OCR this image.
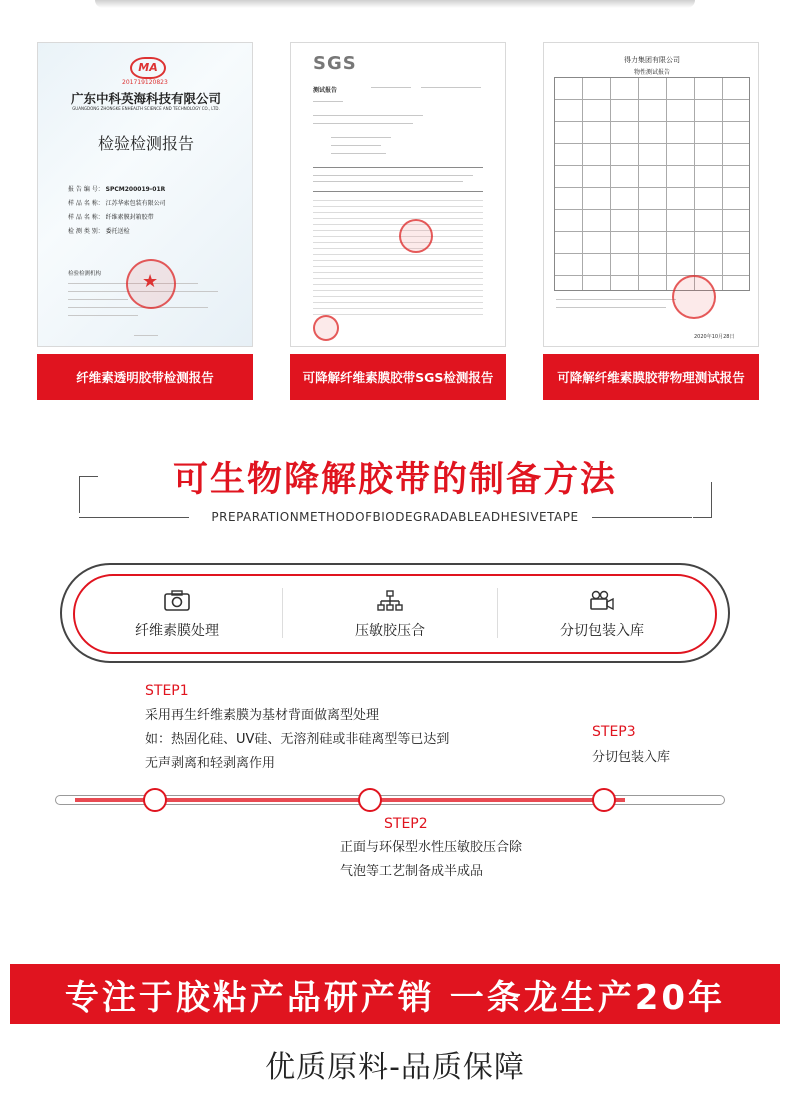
MA
201719120823
广东中科英海科技有限公司
GUANGDONG ZHONGKE ENHEALTH SCIENCE AND TECHNOLOGY CO., LTD.
检验检测报告
报 告 编 号： SPCM200019-01R
样 品 名 称： 江苏华索包装有限公司
样 品 名 称： 纤维素膜封箱胶带
检 测 类 别： 委托送检
检验检测机构 ★
纤维素透明胶带检测报告
SGS
测试报告
可降解纤维素膜胶带SGS检测报告
得力集团有限公司
物性测试报告
2020年10月28日
可降解纤维素膜胶带物理测试报告
可生物降解胶带的制备方法
PREPARATIONMETHODOFBIODEGRADABLEADHESIVETAPE
纤维素膜处理	压敏胶压合	分切包装入库
STEP1
采用再生纤维素膜为基材背面做离型处理
如：热固化硅、UV硅、无溶剂硅或非硅离型等已达到
无声剥离和轻剥离作用
STEP3
分切包装入库
STEP2
正面与环保型水性压敏胶压合除
气泡等工艺制备成半成品
专注于胶粘产品研产销 一条龙生产20年
优质原料-品质保障
